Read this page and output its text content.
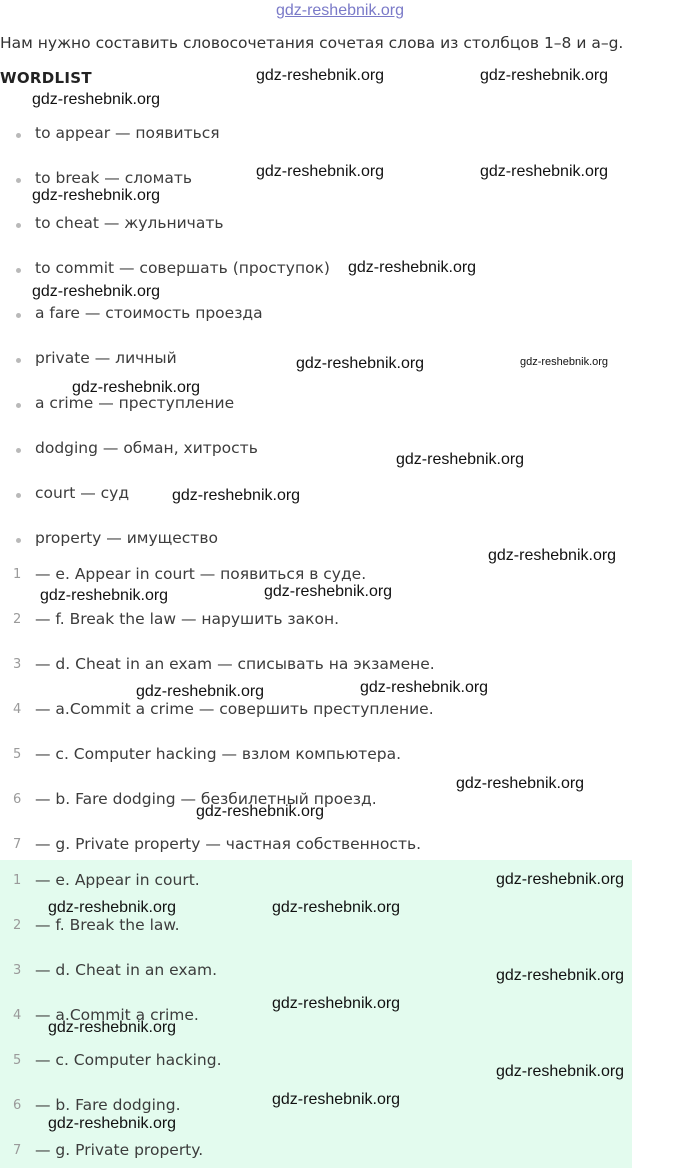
gdz-reshebnik.org
Нам нужно составить словосочетания сочетая слова из столбцов 1–8 и a–g.
WORDLIST
to appear — появиться
to break — сломать
to cheat — жульничать
to commit — совершать (проступок)
a fare — стоимость проезда
private — личный
a crime — преступление
dodging — обман, хитрость
court — суд
property — имущество
1 — e. Appear in court — появиться в суде.
2 — f. Break the law — нарушить закон.
3 — d. Cheat in an exam — списывать на экзамене.
4 — a.Commit a crime — совершить преступление.
5 — c. Computer hacking — взлом компьютера.
6 — b. Fare dodging — безбилетный проезд.
7 — g. Private property — частная собственность.
1 — e. Appear in court.
2 — f. Break the law.
3 — d. Cheat in an exam.
4 — a.Commit a crime.
5 — c. Computer hacking.
6 — b. Fare dodging.
7 — g. Private property.
gdz-reshebnik.org	gdz-reshebnik.org
gdz-reshebnik.org
gdz-reshebnik.org	gdz-reshebnik.org
gdz-reshebnik.org
gdz-reshebnik.org
gdz-reshebnik.org
gdz-reshebnik.org	gdz-reshebnik.org
gdz-reshebnik.org
gdz-reshebnik.org
gdz-reshebnik.org
gdz-reshebnik.org
gdz-reshebnik.org
gdz-reshebnik.org
gdz-reshebnik.org
gdz-reshebnik.org
gdz-reshebnik.org
gdz-reshebnik.org
gdz-reshebnik.org
gdz-reshebnik.org	gdz-reshebnik.org
gdz-reshebnik.org
gdz-reshebnik.org
gdz-reshebnik.org
gdz-reshebnik.org
gdz-reshebnik.org
gdz-reshebnik.org
